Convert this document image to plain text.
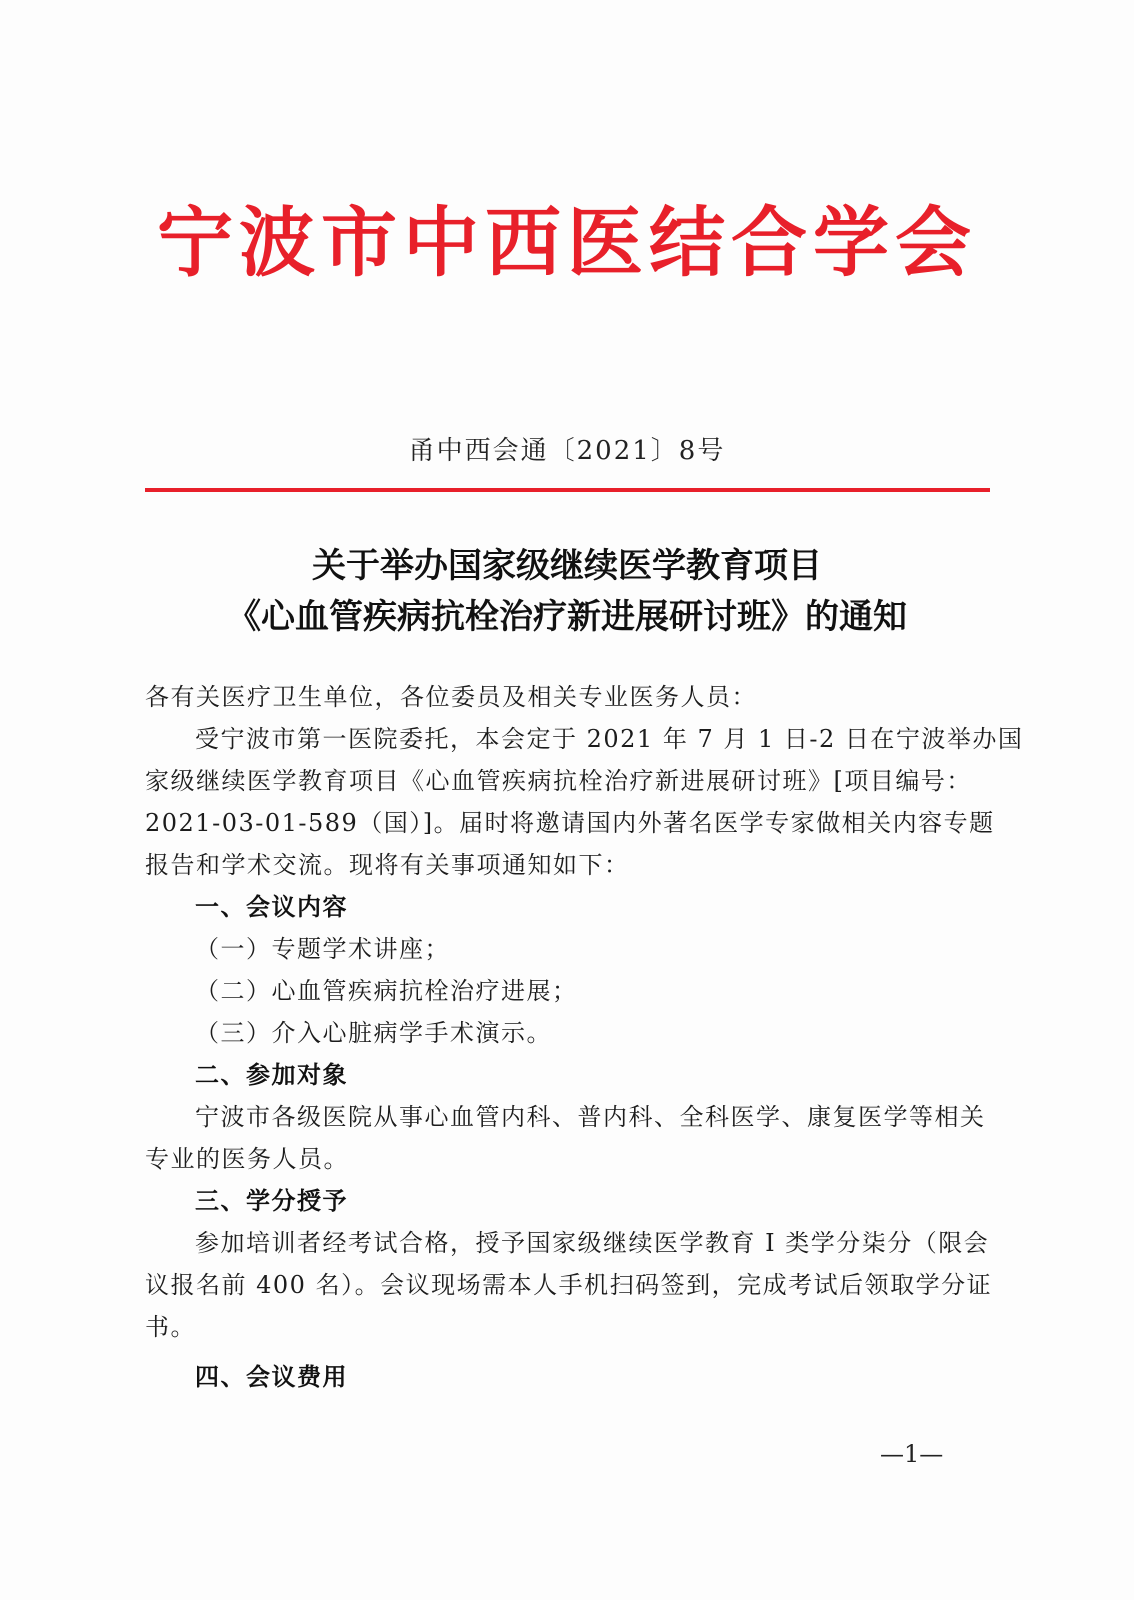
宁波市中西医结合学会
甬中西会通〔2021〕8号
关于举办国家级继续医学教育项目
《心血管疾病抗栓治疗新进展研讨班》的通知
各有关医疗卫生单位，各位委员及相关专业医务人员：
受宁波市第一医院委托，本会定于 2021 年 7 月 1 日-2 日在宁波举办国
家级继续医学教育项目《心血管疾病抗栓治疗新进展研讨班》[项目编号：
2021-03-01-589（国）]。届时将邀请国内外著名医学专家做相关内容专题
报告和学术交流。现将有关事项通知如下：
一、会议内容
（一）专题学术讲座；
（二）心血管疾病抗栓治疗进展；
（三）介入心脏病学手术演示。
二、参加对象
宁波市各级医院从事心血管内科、普内科、全科医学、康复医学等相关
专业的医务人员。
三、学分授予
参加培训者经考试合格，授予国家级继续医学教育 I 类学分柒分（限会
议报名前 400 名）。会议现场需本人手机扫码签到，完成考试后领取学分证
书。
四、会议费用
—1—
